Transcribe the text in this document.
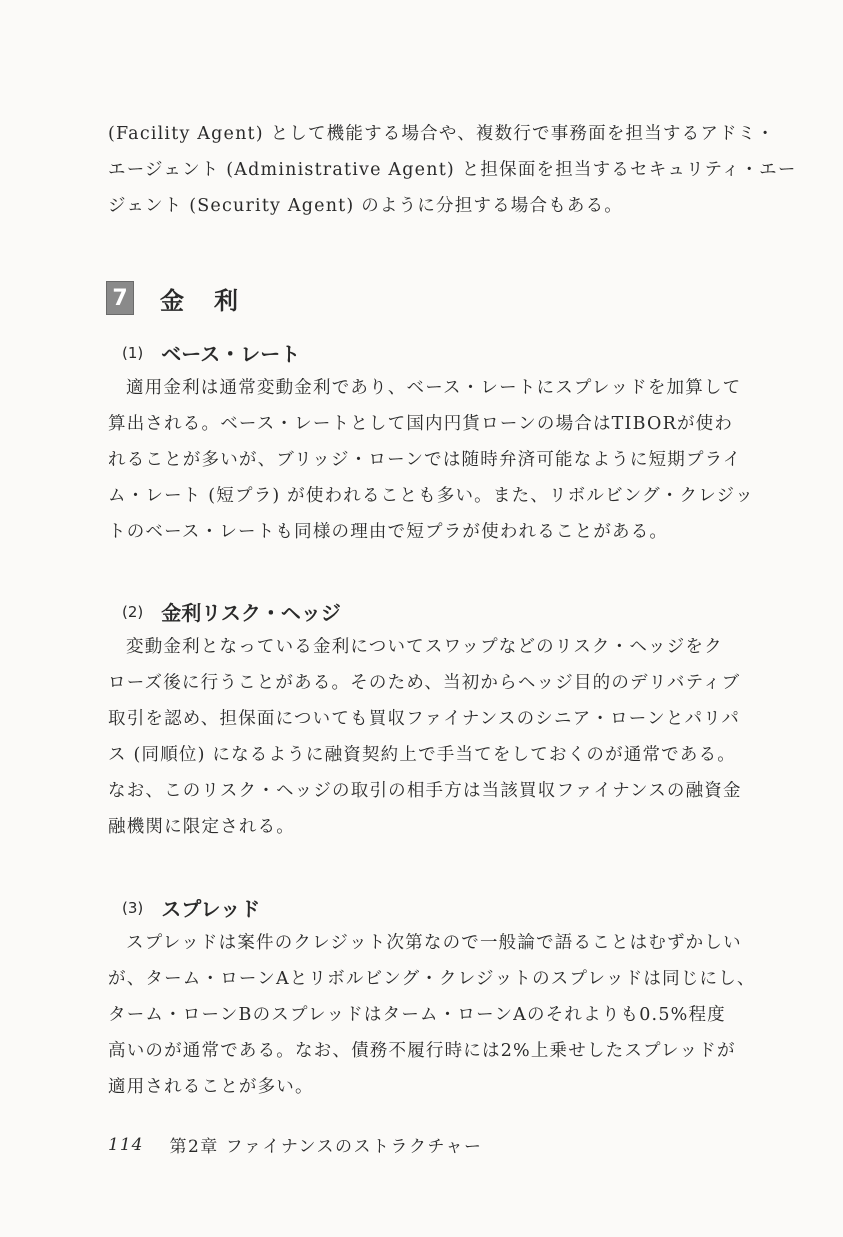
(Facility Agent) として機能する場合や、複数行で事務面を担当するアドミ・
エージェント (Administrative Agent) と担保面を担当するセキュリティ・エー
ジェント (Security Agent) のように分担する場合もある。

7 金利
(1) ベース・レート

適用金利は通常変動金利であり、ベース・レートにスプレッドを加算して
算出される。ベース・レートとして国内円貨ローンの場合はTIBORが使わ
れることが多いが、ブリッジ・ローンでは随時弁済可能なように短期プライ
ム・レート (短プラ) が使われることも多い。また、リボルビング・クレジッ
トのベース・レートも同様の理由で短プラが使われることがある。

(2) 金利リスク・ヘッジ

変動金利となっている金利についてスワップなどのリスク・ヘッジをク
ローズ後に行うことがある。そのため、当初からヘッジ目的のデリバティブ
取引を認め、担保面についても買収ファイナンスのシニア・ローンとパリパ
ス (同順位) になるように融資契約上で手当てをしておくのが通常である。
なお、このリスク・ヘッジの取引の相手方は当該買収ファイナンスの融資金
融機関に限定される。

(3) スプレッド

スプレッドは案件のクレジット次第なので一般論で語ることはむずかしい
が、ターム・ローンAとリボルビング・クレジットのスプレッドは同じにし、
ターム・ローンBのスプレッドはターム・ローンAのそれよりも0.5%程度
高いのが通常である。なお、債務不履行時には2%上乗せしたスプレッドが
適用されることが多い。

114 第2章 ファイナンスのストラクチャー
